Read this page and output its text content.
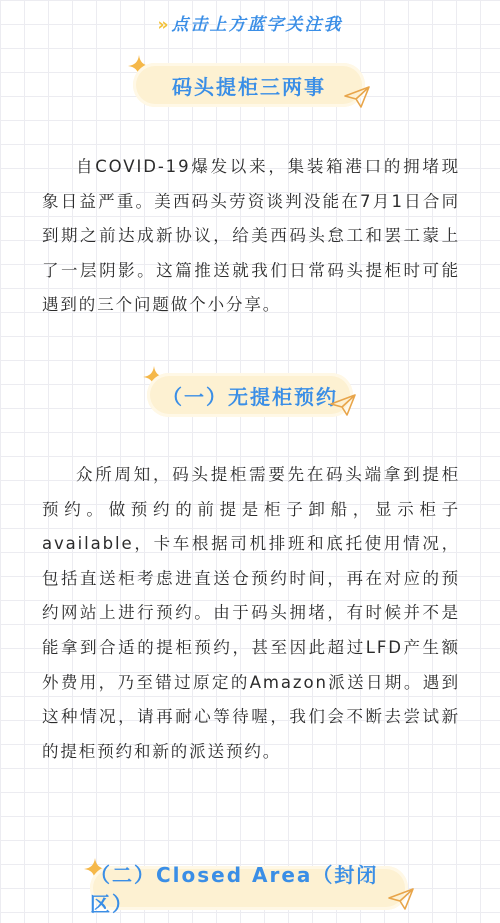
» 点击上方蓝字关注我
码头提柜三两事

自COVID-19爆发以来，集装箱港口的拥堵现象日益严重。美西码头劳资谈判没能在7月1日合同到期之前达成新协议，给美西码头怠工和罢工蒙上了一层阴影。这篇推送就我们日常码头提柜时可能遇到的三个问题做个小分享。

（一）无提柜预约

众所周知，码头提柜需要先在码头端拿到提柜预约。做预约的前提是柜子卸船，显示柜子available，卡车根据司机排班和底托使用情况，包括直送柜考虑进直送仓预约时间，再在对应的预约网站上进行预约。由于码头拥堵，有时候并不是能拿到合适的提柜预约，甚至因此超过LFD产生额外费用，乃至错过原定的Amazon派送日期。遇到这种情况，请再耐心等待喔，我们会不断去尝试新的提柜预约和新的派送预约。

（二）Closed Area（封闭区）
